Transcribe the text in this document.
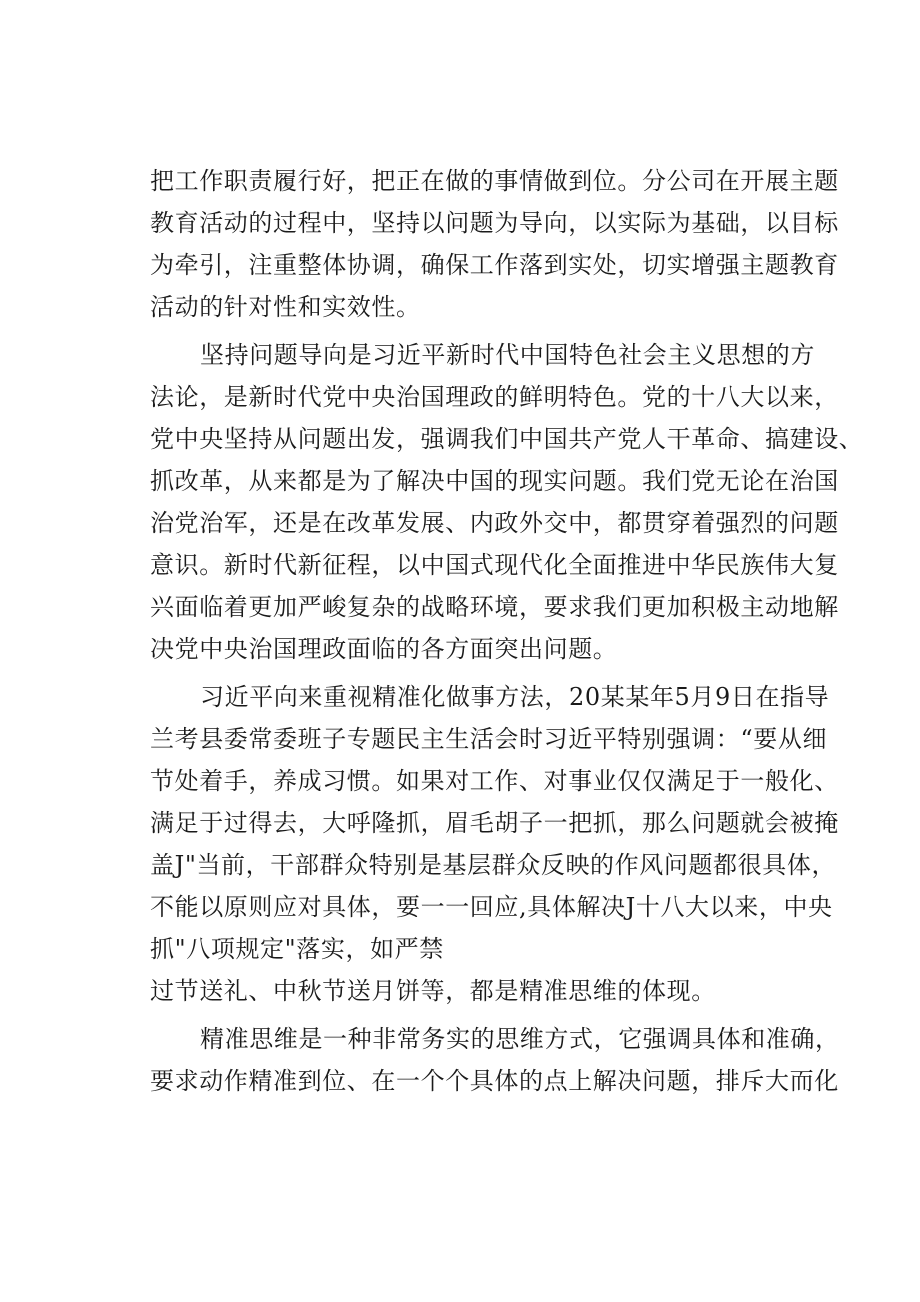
把工作职责履行好，把正在做的事情做到位。分公司在开展主题
教育活动的过程中，坚持以问题为导向，以实际为基础，以目标
为牵引，注重整体协调，确保工作落到实处，切实增强主题教育
活动的针对性和实效性。
坚持问题导向是习近平新时代中国特色社会主义思想的方
法论，是新时代党中央治国理政的鲜明特色。党的十八大以来，
党中央坚持从问题出发，强调我们中国共产党人干革命、搞建设、
抓改革，从来都是为了解决中国的现实问题。我们党无论在治国
治党治军，还是在改革发展、内政外交中，都贯穿着强烈的问题
意识。新时代新征程，以中国式现代化全面推进中华民族伟大复
兴面临着更加严峻复杂的战略环境，要求我们更加积极主动地解
决党中央治国理政面临的各方面突出问题。
习近平向来重视精准化做事方法，20某某年5月9日在指导
兰考县委常委班子专题民主生活会时习近平特别强调：“要从细
节处着手，养成习惯。如果对工作、对事业仅仅满足于一般化、
满足于过得去，大呼隆抓，眉毛胡子一把抓，那么问题就会被掩
盖J"当前，干部群众特别是基层群众反映的作风问题都很具体，
不能以原则应对具体，要一一回应,具体解决J十八大以来，中央
抓"八项规定"落实，如严禁
过节送礼、中秋节送月饼等，都是精准思维的体现。
精准思维是一种非常务实的思维方式，它强调具体和准确，
要求动作精准到位、在一个个具体的点上解决问题，排斥大而化
